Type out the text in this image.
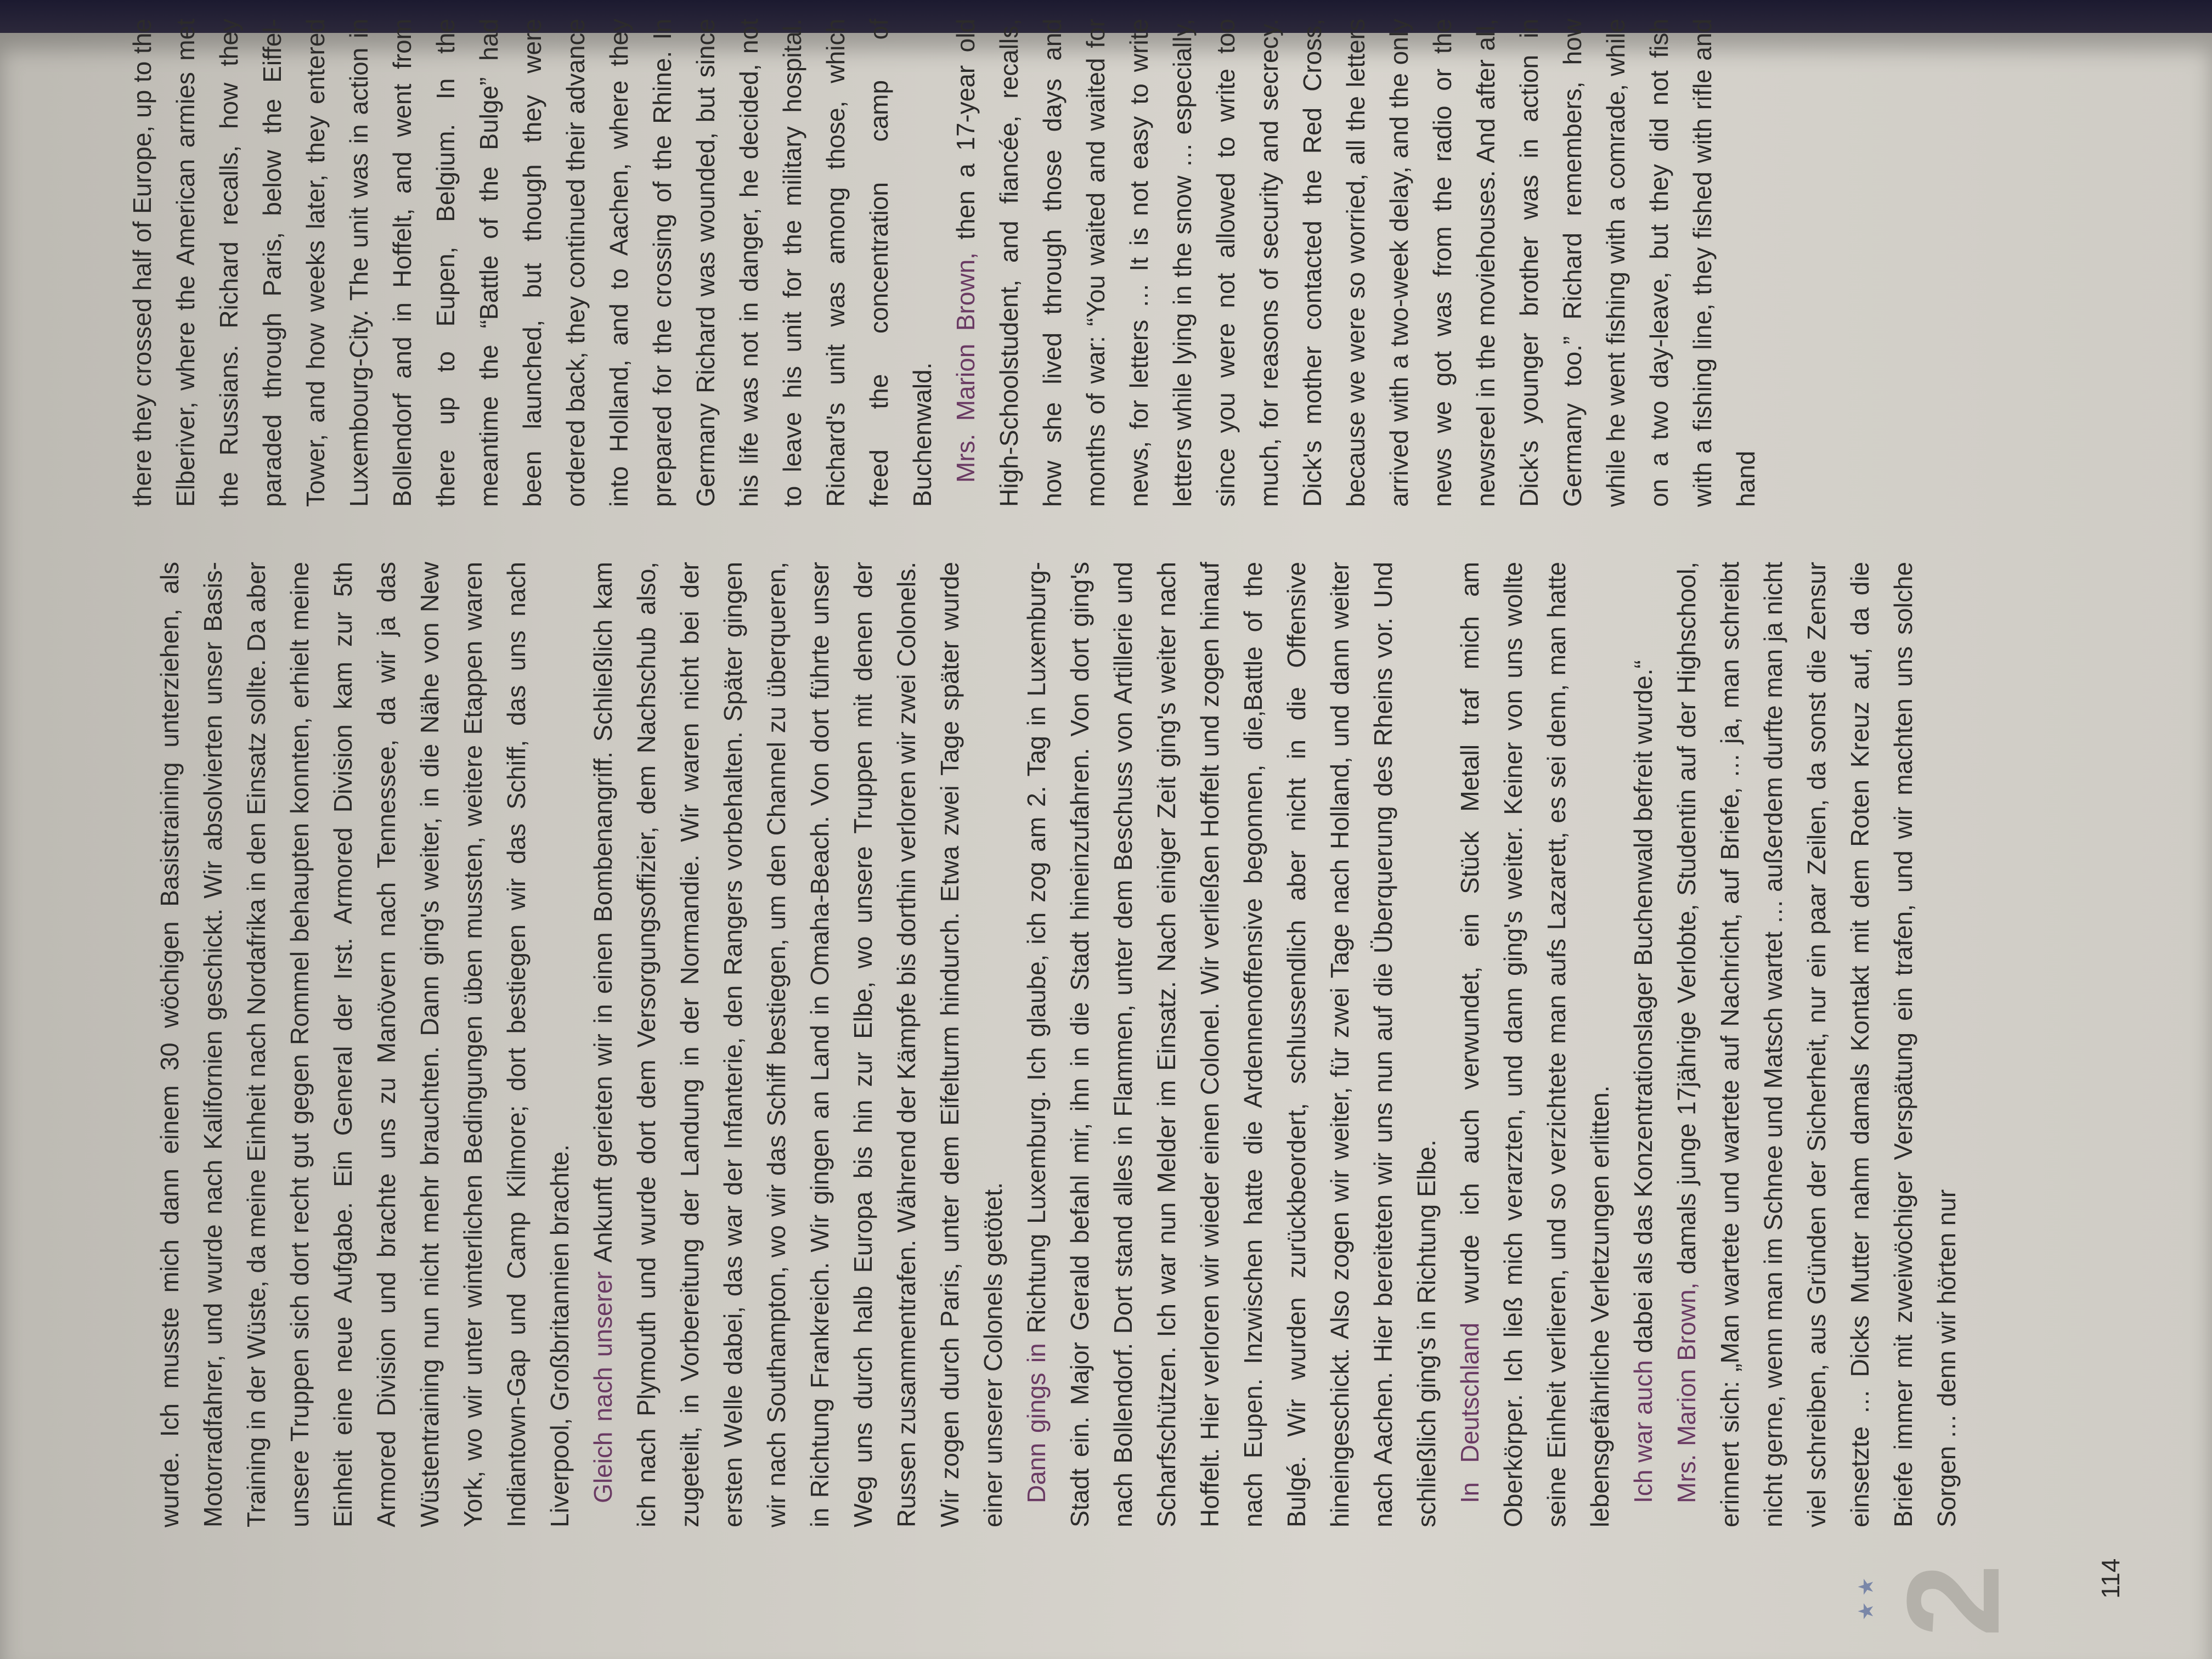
wurde. Ich musste mich dann einem 30 wöchigen Basistraining unterziehen, als Motorradfahrer, und wurde nach Kalifornien geschickt. Wir absolvierten unser Basis-Training in der Wüste, da meine Einheit nach Nordafrika in den Einsatz sollte. Da aber unsere Truppen sich dort recht gut gegen Rommel behaupten konnten, erhielt meine Einheit eine neue Aufgabe. Ein General der Irst. Armored Division kam zur 5th Armored Division und brachte uns zu Manövern nach Tennessee, da wir ja das Wüstentraining nun nicht mehr brauchten. Dann ging's weiter, in die Nähe von New York, wo wir unter winterlichen Bedingungen üben mussten, weitere Etappen waren Indiantown-Gap und Camp Kilmore; dort bestiegen wir das Schiff, das uns nach Liverpool, Großbritannien brachte. Gleich nach unserer Ankunft gerieten wir in einen Bombenangriff. Schließlich kam ich nach Plymouth und wurde dort dem Versorgungsoffizier, dem Nachschub also, zugeteilt, in Vorbereitung der Landung in der Normandie. Wir waren nicht bei der ersten Welle dabei, das war der Infanterie, den Rangers vorbehalten. Später gingen wir nach Southampton, wo wir das Schiff bestiegen, um den Channel zu überqueren, in Richtung Frankreich. Wir gingen an Land in Omaha-Beach. Von dort führte unser Weg uns durch halb Europa bis hin zur Elbe, wo unsere Truppen mit denen der Russen zusammentrafen. Während der Kämpfe bis dorthin verloren wir zwei Colonels. Wir zogen durch Paris, unter dem Eifelturm hindurch. Etwa zwei Tage später wurde einer unserer Colonels getötet. Dann gings in Richtung Luxemburg. Ich glaube, ich zog am 2. Tag in Luxemburg-Stadt ein. Major Gerald befahl mir, ihn in die Stadt hineinzufahren. Von dort ging's nach Bollendorf. Dort stand alles in Flammen, unter dem Beschuss von Artillerie und Scharfschützen. Ich war nun Melder im Einsatz. Nach einiger Zeit ging's weiter nach Hoffelt. Hier verloren wir wieder einen Colonel. Wir verließen Hoffelt und zogen hinauf nach Eupen. Inzwischen hatte die Ardennenoffensive begonnen, die‚Battle of the Bulgé. Wir wurden zurückbeordert, schlussendlich aber nicht in die Offensive hineingeschickt. Also zogen wir weiter, für zwei Tage nach Holland, und dann weiter nach Aachen. Hier bereiteten wir uns nun auf die Überquerung des Rheins vor. Und schließlich ging's in Richtung Elbe. In Deutschland wurde ich auch verwundet, ein Stück Metall traf mich am Oberkörper. Ich ließ mich verarzten, und dann ging's weiter. Keiner von uns wollte seine Einheit verlieren, und so verzichtete man aufs Lazarett, es sei denn, man hatte lebensgefährliche Verletzungen erlitten. Ich war auch dabei als das Konzentrationslager Buchenwald befreit wurde.“

Mrs. Marion Brown, damals junge 17jährige Verlobte, Studentin auf der Highschool, erinnert sich: „Man wartete und wartete auf Nachricht, auf Briefe, … ja, man schreibt nicht gerne, wenn man im Schnee und Matsch wartet … außerdem durfte man ja nicht viel schreiben, aus Gründen der Sicherheit, nur ein paar Zeilen, da sonst die Zensur einsetzte … Dicks Mutter nahm damals Kontakt mit dem Roten Kreuz auf, da die Briefe immer mit zweiwöchiger Verspätung ein trafen, und wir machten uns solche Sorgen … denn wir hörten nur

there they crossed half of Europe, up to the Elberiver, where the American armies met the Russians. Richard recalls, how they paraded through Paris, below the Eiffel-Tower, and how weeks later, they entered Luxembourg-City. The unit was in action in Bollendorf and in Hoffelt, and went from there up to Eupen, Belgium. In the meantime the “Battle of the Bulge” had been launched, but though they were ordered back, they continued their advance into Holland, and to Aachen, where they prepared for the crossing of the Rhine. In Germany Richard was wounded, but since his life was not in danger, he decided, not to leave his unit for the military hospital. Richard's unit was among those, which freed the concentration camp of Buchenwald. Mrs. Marion Brown, then a 17-year old High-Schoolstudent, and fiancée, recalls, how she lived through those days and months of war: “You waited and waited for news, for letters … It is not easy to write letters while lying in the snow … especially, since you were not allowed to write too much, for reasons of security and secrecy. Dick's mother contacted the Red Cross, because we were so worried, all the letters arrived with a two-week delay, and the only news we got was from the radio or the newsreel in the moviehouses. And after all, Dick's younger brother was in action in Germany too.” Richard remembers, how while he went fishing with a comrade, while on a two day-leave, but they did not fish with a fishing line, they fished with rifle and hand

★ ★ 2	114
